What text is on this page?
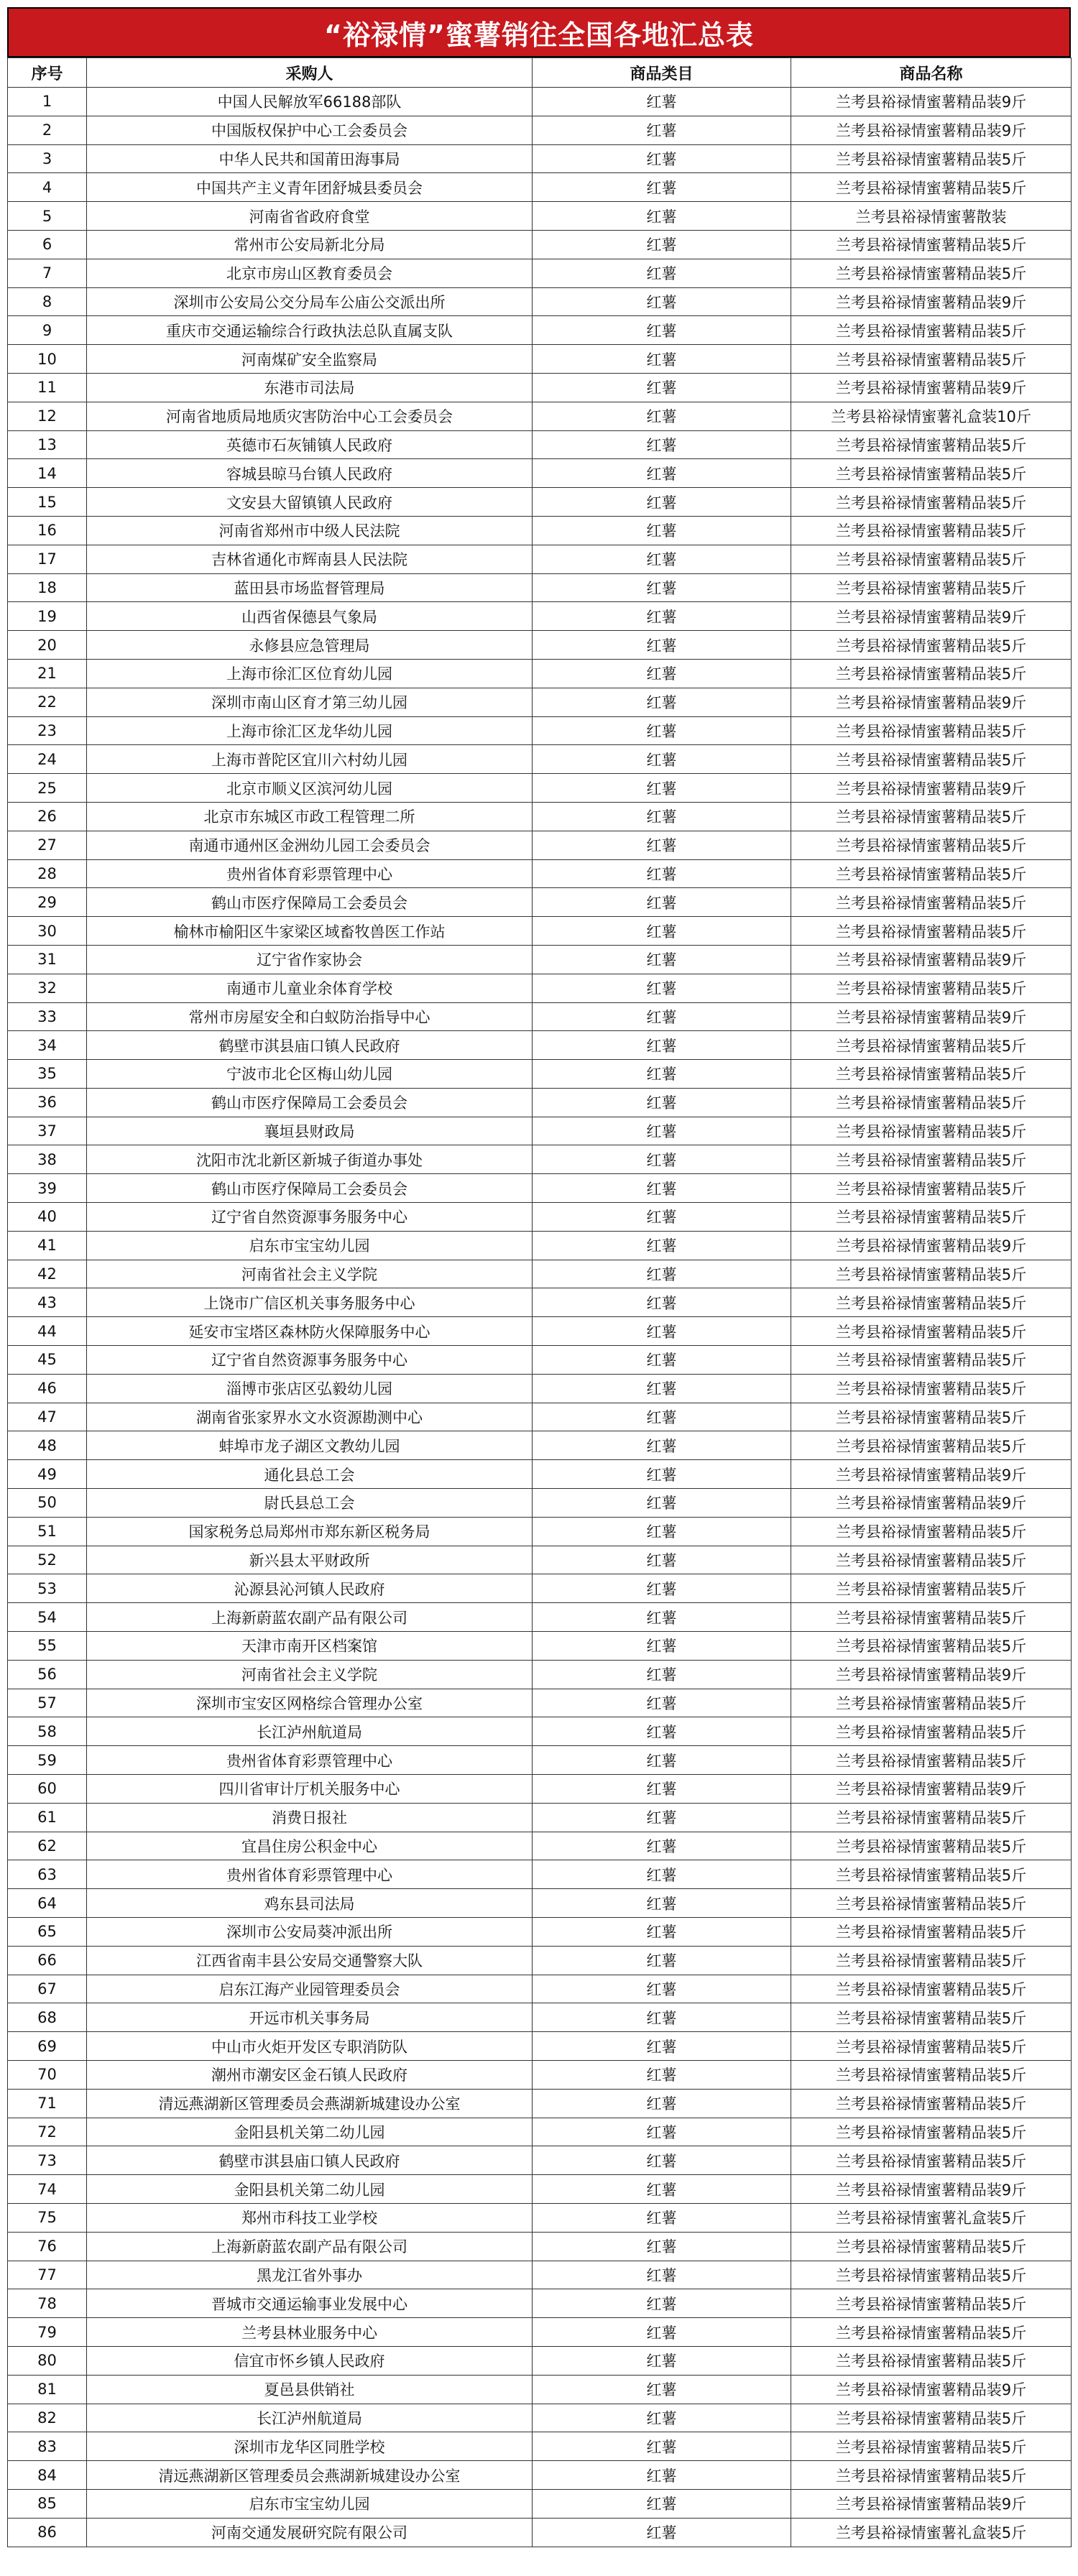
“裕禄情”蜜薯销往全国各地汇总表
序号	采购人	商品类目	商品名称
1	中国人民解放军66188部队	红薯	兰考县裕禄情蜜薯精品装9斤
2	中国版权保护中心工会委员会	红薯	兰考县裕禄情蜜薯精品装9斤
3	中华人民共和国莆田海事局	红薯	兰考县裕禄情蜜薯精品装5斤
4	中国共产主义青年团舒城县委员会	红薯	兰考县裕禄情蜜薯精品装5斤
5	河南省省政府食堂	红薯	兰考县裕禄情蜜薯散装
6	常州市公安局新北分局	红薯	兰考县裕禄情蜜薯精品装5斤
7	北京市房山区教育委员会	红薯	兰考县裕禄情蜜薯精品装5斤
8	深圳市公安局公交分局车公庙公交派出所	红薯	兰考县裕禄情蜜薯精品装9斤
9	重庆市交通运输综合行政执法总队直属支队	红薯	兰考县裕禄情蜜薯精品装5斤
10	河南煤矿安全监察局	红薯	兰考县裕禄情蜜薯精品装5斤
11	东港市司法局	红薯	兰考县裕禄情蜜薯精品装9斤
12	河南省地质局地质灾害防治中心工会委员会	红薯	兰考县裕禄情蜜薯礼盒装10斤
13	英德市石灰铺镇人民政府	红薯	兰考县裕禄情蜜薯精品装5斤
14	容城县晾马台镇人民政府	红薯	兰考县裕禄情蜜薯精品装5斤
15	文安县大留镇镇人民政府	红薯	兰考县裕禄情蜜薯精品装5斤
16	河南省郑州市中级人民法院	红薯	兰考县裕禄情蜜薯精品装5斤
17	吉林省通化市辉南县人民法院	红薯	兰考县裕禄情蜜薯精品装5斤
18	蓝田县市场监督管理局	红薯	兰考县裕禄情蜜薯精品装5斤
19	山西省保德县气象局	红薯	兰考县裕禄情蜜薯精品装9斤
20	永修县应急管理局	红薯	兰考县裕禄情蜜薯精品装5斤
21	上海市徐汇区位育幼儿园	红薯	兰考县裕禄情蜜薯精品装5斤
22	深圳市南山区育才第三幼儿园	红薯	兰考县裕禄情蜜薯精品装9斤
23	上海市徐汇区龙华幼儿园	红薯	兰考县裕禄情蜜薯精品装5斤
24	上海市普陀区宜川六村幼儿园	红薯	兰考县裕禄情蜜薯精品装5斤
25	北京市顺义区滨河幼儿园	红薯	兰考县裕禄情蜜薯精品装9斤
26	北京市东城区市政工程管理二所	红薯	兰考县裕禄情蜜薯精品装5斤
27	南通市通州区金洲幼儿园工会委员会	红薯	兰考县裕禄情蜜薯精品装5斤
28	贵州省体育彩票管理中心	红薯	兰考县裕禄情蜜薯精品装5斤
29	鹤山市医疗保障局工会委员会	红薯	兰考县裕禄情蜜薯精品装5斤
30	榆林市榆阳区牛家梁区域畜牧兽医工作站	红薯	兰考县裕禄情蜜薯精品装5斤
31	辽宁省作家协会	红薯	兰考县裕禄情蜜薯精品装9斤
32	南通市儿童业余体育学校	红薯	兰考县裕禄情蜜薯精品装5斤
33	常州市房屋安全和白蚁防治指导中心	红薯	兰考县裕禄情蜜薯精品装9斤
34	鹤壁市淇县庙口镇人民政府	红薯	兰考县裕禄情蜜薯精品装5斤
35	宁波市北仑区梅山幼儿园	红薯	兰考县裕禄情蜜薯精品装5斤
36	鹤山市医疗保障局工会委员会	红薯	兰考县裕禄情蜜薯精品装5斤
37	襄垣县财政局	红薯	兰考县裕禄情蜜薯精品装5斤
38	沈阳市沈北新区新城子街道办事处	红薯	兰考县裕禄情蜜薯精品装5斤
39	鹤山市医疗保障局工会委员会	红薯	兰考县裕禄情蜜薯精品装5斤
40	辽宁省自然资源事务服务中心	红薯	兰考县裕禄情蜜薯精品装5斤
41	启东市宝宝幼儿园	红薯	兰考县裕禄情蜜薯精品装9斤
42	河南省社会主义学院	红薯	兰考县裕禄情蜜薯精品装5斤
43	上饶市广信区机关事务服务中心	红薯	兰考县裕禄情蜜薯精品装5斤
44	延安市宝塔区森林防火保障服务中心	红薯	兰考县裕禄情蜜薯精品装5斤
45	辽宁省自然资源事务服务中心	红薯	兰考县裕禄情蜜薯精品装5斤
46	淄博市张店区弘毅幼儿园	红薯	兰考县裕禄情蜜薯精品装5斤
47	湖南省张家界水文水资源勘测中心	红薯	兰考县裕禄情蜜薯精品装5斤
48	蚌埠市龙子湖区文教幼儿园	红薯	兰考县裕禄情蜜薯精品装5斤
49	通化县总工会	红薯	兰考县裕禄情蜜薯精品装9斤
50	尉氏县总工会	红薯	兰考县裕禄情蜜薯精品装9斤
51	国家税务总局郑州市郑东新区税务局	红薯	兰考县裕禄情蜜薯精品装5斤
52	新兴县太平财政所	红薯	兰考县裕禄情蜜薯精品装5斤
53	沁源县沁河镇人民政府	红薯	兰考县裕禄情蜜薯精品装5斤
54	上海新蔚蓝农副产品有限公司	红薯	兰考县裕禄情蜜薯精品装5斤
55	天津市南开区档案馆	红薯	兰考县裕禄情蜜薯精品装5斤
56	河南省社会主义学院	红薯	兰考县裕禄情蜜薯精品装9斤
57	深圳市宝安区网格综合管理办公室	红薯	兰考县裕禄情蜜薯精品装5斤
58	长江泸州航道局	红薯	兰考县裕禄情蜜薯精品装5斤
59	贵州省体育彩票管理中心	红薯	兰考县裕禄情蜜薯精品装5斤
60	四川省审计厅机关服务中心	红薯	兰考县裕禄情蜜薯精品装9斤
61	消费日报社	红薯	兰考县裕禄情蜜薯精品装5斤
62	宜昌住房公积金中心	红薯	兰考县裕禄情蜜薯精品装5斤
63	贵州省体育彩票管理中心	红薯	兰考县裕禄情蜜薯精品装5斤
64	鸡东县司法局	红薯	兰考县裕禄情蜜薯精品装5斤
65	深圳市公安局葵冲派出所	红薯	兰考县裕禄情蜜薯精品装5斤
66	江西省南丰县公安局交通警察大队	红薯	兰考县裕禄情蜜薯精品装5斤
67	启东江海产业园管理委员会	红薯	兰考县裕禄情蜜薯精品装5斤
68	开远市机关事务局	红薯	兰考县裕禄情蜜薯精品装5斤
69	中山市火炬开发区专职消防队	红薯	兰考县裕禄情蜜薯精品装5斤
70	潮州市潮安区金石镇人民政府	红薯	兰考县裕禄情蜜薯精品装5斤
71	清远燕湖新区管理委员会燕湖新城建设办公室	红薯	兰考县裕禄情蜜薯精品装5斤
72	金阳县机关第二幼儿园	红薯	兰考县裕禄情蜜薯精品装5斤
73	鹤壁市淇县庙口镇人民政府	红薯	兰考县裕禄情蜜薯精品装5斤
74	金阳县机关第二幼儿园	红薯	兰考县裕禄情蜜薯精品装9斤
75	郑州市科技工业学校	红薯	兰考县裕禄情蜜薯礼盒装5斤
76	上海新蔚蓝农副产品有限公司	红薯	兰考县裕禄情蜜薯精品装5斤
77	黑龙江省外事办	红薯	兰考县裕禄情蜜薯精品装5斤
78	晋城市交通运输事业发展中心	红薯	兰考县裕禄情蜜薯精品装5斤
79	兰考县林业服务中心	红薯	兰考县裕禄情蜜薯精品装5斤
80	信宜市怀乡镇人民政府	红薯	兰考县裕禄情蜜薯精品装5斤
81	夏邑县供销社	红薯	兰考县裕禄情蜜薯精品装9斤
82	长江泸州航道局	红薯	兰考县裕禄情蜜薯精品装5斤
83	深圳市龙华区同胜学校	红薯	兰考县裕禄情蜜薯精品装5斤
84	清远燕湖新区管理委员会燕湖新城建设办公室	红薯	兰考县裕禄情蜜薯精品装5斤
85	启东市宝宝幼儿园	红薯	兰考县裕禄情蜜薯精品装9斤
86	河南交通发展研究院有限公司	红薯	兰考县裕禄情蜜薯礼盒装5斤
